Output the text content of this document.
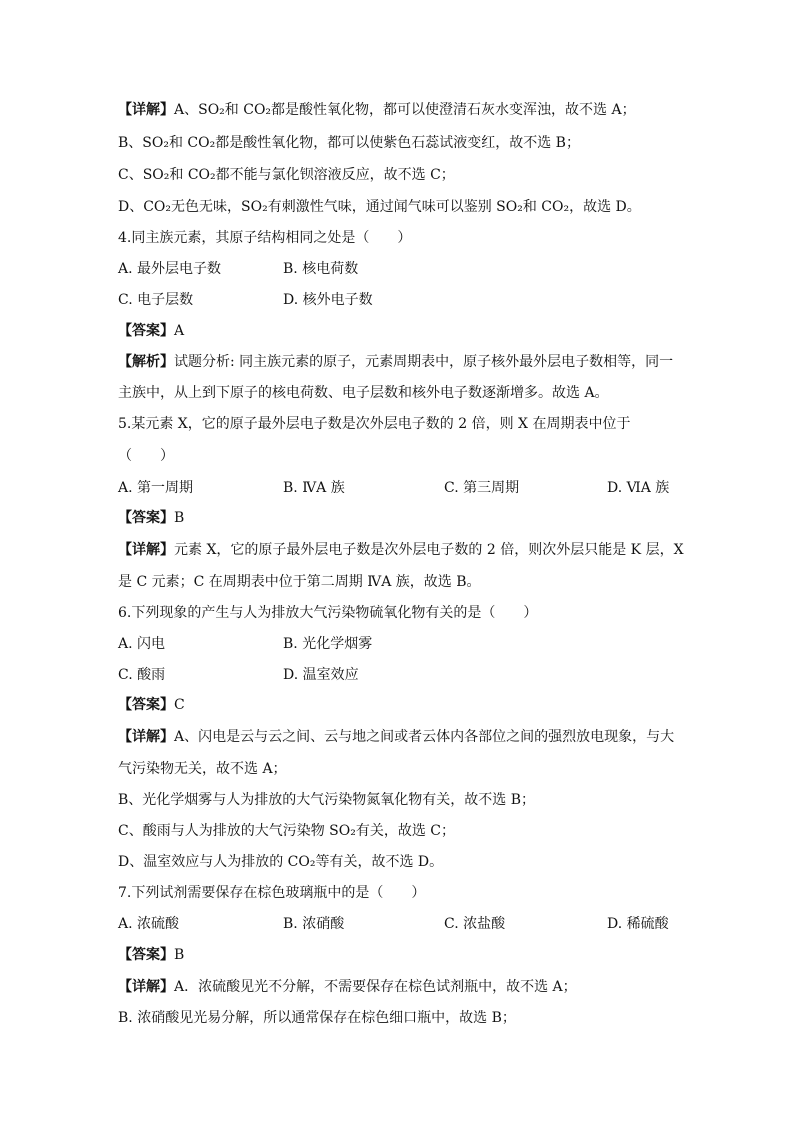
【详解】A、SO₂和 CO₂都是酸性氧化物，都可以使澄清石灰水变浑浊，故不选 A；
B、SO₂和 CO₂都是酸性氧化物，都可以使紫色石蕊试液变红，故不选 B；
C、SO₂和 CO₂都不能与氯化钡溶液反应，故不选 C；
D、CO₂无色无味，SO₂有刺激性气味，通过闻气味可以鉴别 SO₂和 CO₂，故选 D。
4.同主族元素，其原子结构相同之处是（　　）
A. 最外层电子数	B. 核电荷数
C. 电子层数	D. 核外电子数
【答案】A
【解析】试题分析: 同主族元素的原子，元素周期表中，原子核外最外层电子数相等，同一
主族中，从上到下原子的核电荷数、电子层数和核外电子数逐渐增多。故选 A。
5.某元素 X，它的原子最外层电子数是次外层电子数的 2 倍，则 X 在周期表中位于
（　　）
A. 第一周期	B. ⅣA 族	C. 第三周期	D. ⅥA 族
【答案】B
【详解】元素 X，它的原子最外层电子数是次外层电子数的 2 倍，则次外层只能是 K 层，X
是 C 元素；C 在周期表中位于第二周期 ⅣA 族，故选 B。
6.下列现象的产生与人为排放大气污染物硫氧化物有关的是（　　）
A. 闪电	B. 光化学烟雾
C. 酸雨	D. 温室效应
【答案】C
【详解】A、闪电是云与云之间、云与地之间或者云体内各部位之间的强烈放电现象，与大
气污染物无关，故不选 A；
B、光化学烟雾与人为排放的大气污染物氮氧化物有关，故不选 B；
C、酸雨与人为排放的大气污染物 SO₂有关，故选 C；
D、温室效应与人为排放的 CO₂等有关，故不选 D。
7.下列试剂需要保存在棕色玻璃瓶中的是（　　）
A. 浓硫酸	B. 浓硝酸	C. 浓盐酸	D. 稀硫酸
【答案】B
【详解】A．浓硫酸见光不分解，不需要保存在棕色试剂瓶中，故不选 A；
B. 浓硝酸见光易分解，所以通常保存在棕色细口瓶中，故选 B；
